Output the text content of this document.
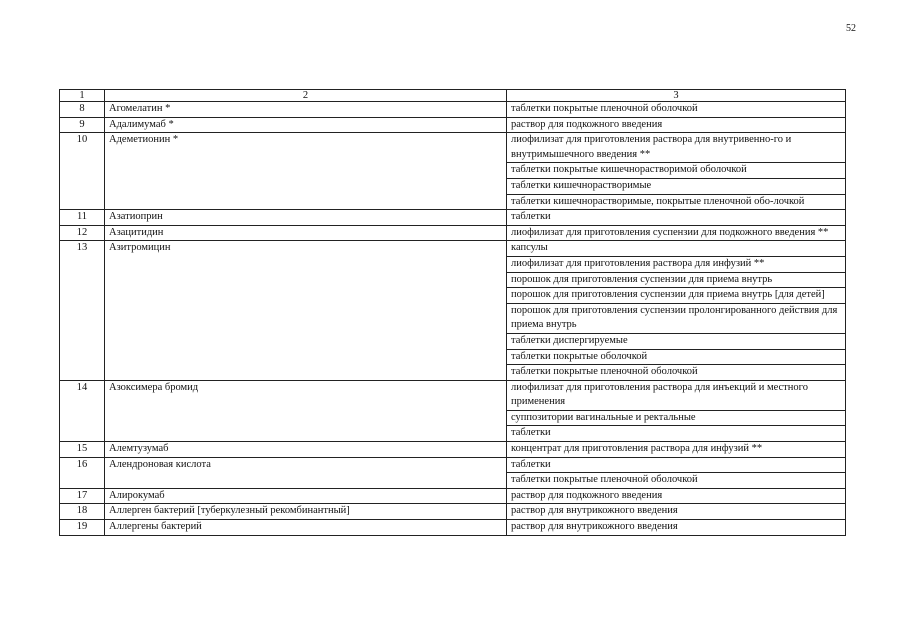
52
1	2	3
8	Агомелатин *	таблетки покрытые пленочной оболочкой
9	Адалимумаб *	раствор для подкожного введения
10	Адеметионин *	лиофилизат для приготовления раствора для внутривенно-го и внутримышечного введения **
		таблетки покрытые кишечнорастворимой оболочкой
		таблетки кишечнорастворимые
		таблетки кишечнорастворимые, покрытые пленочной обо-лочкой
11	Азатиоприн	таблетки
12	Азацитидин	лиофилизат для приготовления суспензии для подкожного введения **
13	Азитромицин	капсулы
		лиофилизат для приготовления раствора для инфузий **
		порошок для приготовления суспензии для приема внутрь
		порошок для приготовления суспензии для приема внутрь [для детей]
		порошок для приготовления суспензии пролонгированного действия для приема внутрь
		таблетки диспергируемые
		таблетки покрытые оболочкой
		таблетки покрытые пленочной оболочкой
14	Азоксимера бромид	лиофилизат для приготовления раствора для инъекций и местного применения
		суппозитории вагинальные и ректальные
		таблетки
15	Алемтузумаб	концентрат для приготовления раствора для инфузий **
16	Алендроновая кислота	таблетки
		таблетки покрытые пленочной оболочкой
17	Алирокумаб	раствор для подкожного введения
18	Аллерген бактерий [туберкулезный рекомбинантный]	раствор для внутрикожного введения
19	Аллергены бактерий	раствор для внутрикожного введения
